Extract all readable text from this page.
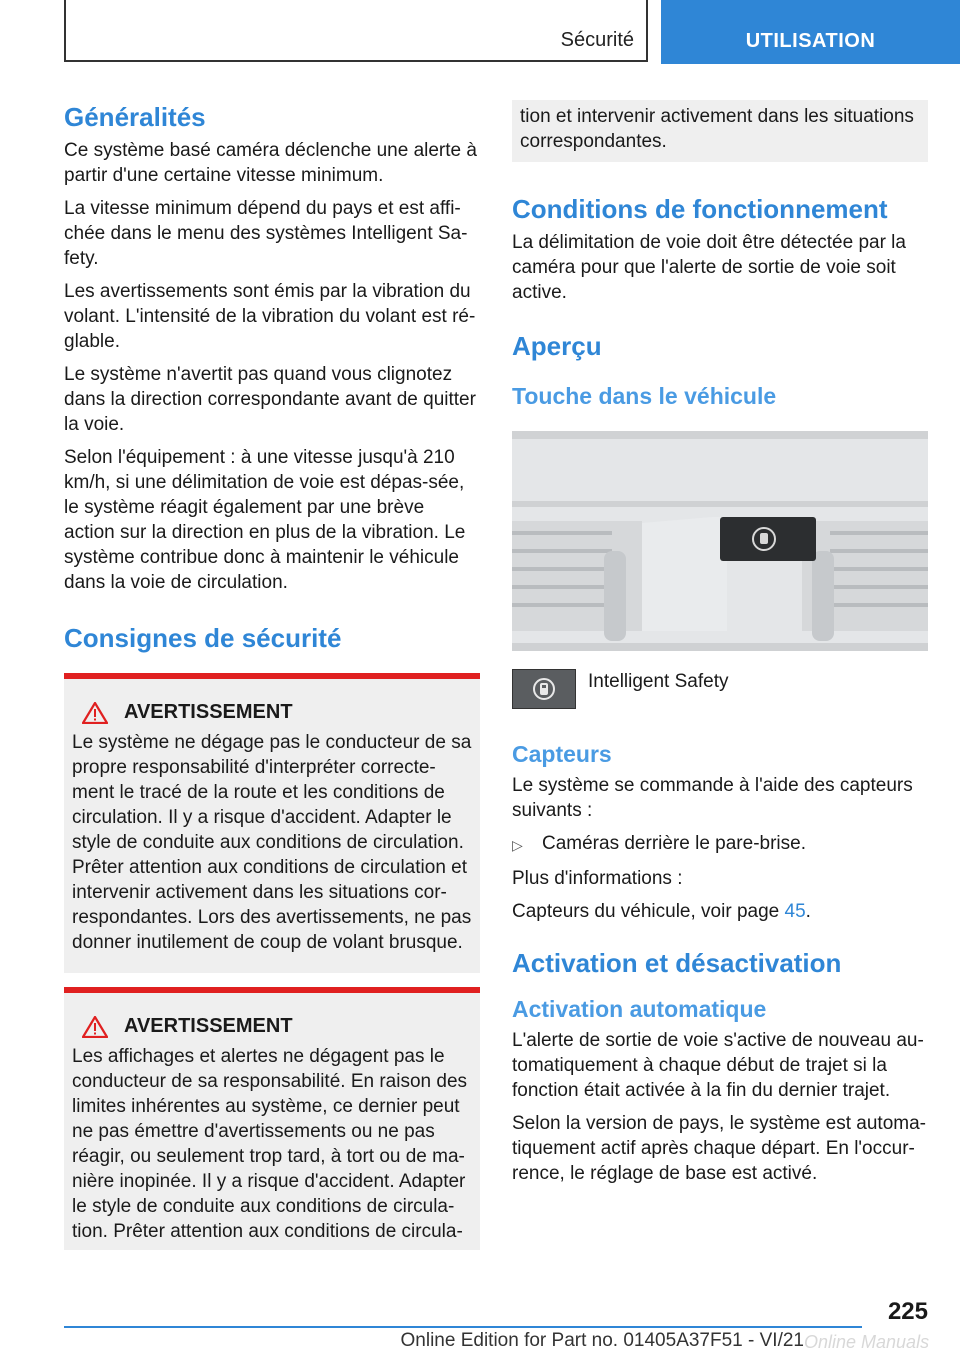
Sécurité	UTILISATION
Généralités

Ce système basé caméra déclenche une alerte à partir d'une certaine vitesse minimum.

La vitesse minimum dépend du pays et est affi‐chée dans le menu des systèmes Intelligent Sa‐fety.

Les avertissements sont émis par la vibration du volant. L'intensité de la vibration du volant est ré‐glable.

Le système n'avertit pas quand vous clignotez dans la direction correspondante avant de quitter la voie.

Selon l'équipement : à une vitesse jusqu'à 210 km/h, si une délimitation de voie est dépas‐sée, le système réagit également par une brève action sur la direction en plus de la vibration. Le système contribue donc à maintenir le véhicule dans la voie de circulation.

Consignes de sécurité
AVERTISSEMENT

Le système ne dégage pas le conducteur de sa propre responsabilité d'interpréter correcte‐ment le tracé de la route et les conditions de circulation. Il y a risque d'accident. Adapter le style de conduite aux conditions de circulation. Prêter attention aux conditions de circulation et intervenir activement dans les situations cor‐respondantes. Lors des avertissements, ne pas donner inutilement de coup de volant brusque.

AVERTISSEMENT

Les affichages et alertes ne dégagent pas le conducteur de sa responsabilité. En raison des limites inhérentes au système, ce dernier peut ne pas émettre d'avertissements ou ne pas réagir, ou seulement trop tard, à tort ou de ma‐nière inopinée. Il y a risque d'accident. Adapter le style de conduite aux conditions de circula‐tion. Prêter attention aux conditions de circula‐

tion et intervenir activement dans les situations correspondantes.

Conditions de fonctionnement

La délimitation de voie doit être détectée par la caméra pour que l'alerte de sortie de voie soit active.

Aperçu
Touche dans le véhicule
Intelligent Safety
Capteurs

Le système se commande à l'aide des capteurs suivants :

▷	Caméras derrière le pare-brise.

Plus d'informations :

Capteurs du véhicule, voir page 45.

Activation et désactivation
Activation automatique

L'alerte de sortie de voie s'active de nouveau au‐tomatiquement à chaque début de trajet si la fonction était activée à la fin du dernier trajet.

Selon la version de pays, le système est automa‐tiquement actif après chaque départ. En l'occur‐rence, le réglage de base est activé.

225
Online Edition for Part no. 01405A37F51 - VI/21 Online Manuals
